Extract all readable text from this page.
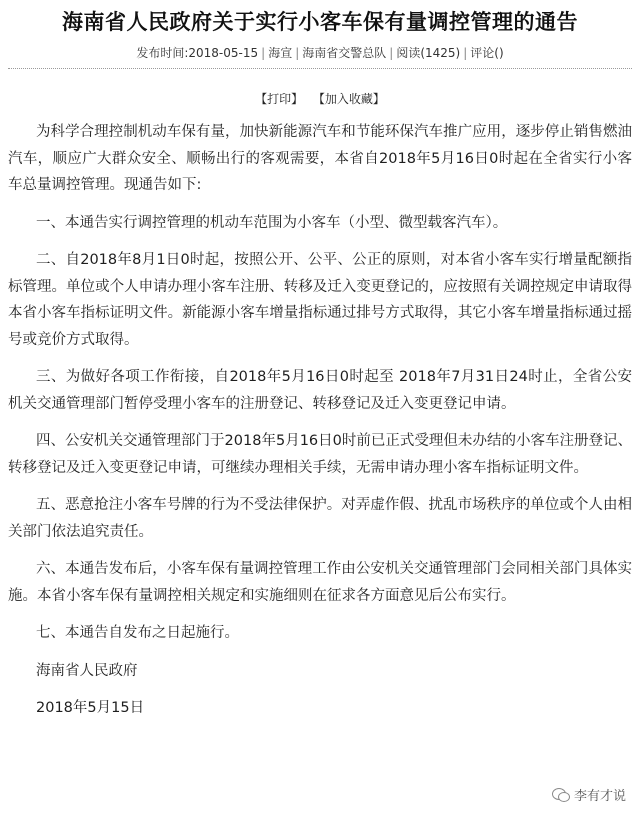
海南省人民政府关于实行小客车保有量调控管理的通告
发布时间:2018-05-15 | 海宣 | 海南省交警总队 | 阅读(1425) | 评论()
【打印】 【加入收藏】

为科学合理控制机动车保有量，加快新能源汽车和节能环保汽车推广应用，逐步停止销售燃油汽车，顺应广大群众安全、顺畅出行的客观需要，本省自2018年5月16日0时起在全省实行小客车总量调控管理。现通告如下:

一、本通告实行调控管理的机动车范围为小客车（小型、微型载客汽车）。

二、自2018年8月1日0时起，按照公开、公平、公正的原则，对本省小客车实行增量配额指标管理。单位或个人申请办理小客车注册、转移及迁入变更登记的，应按照有关调控规定申请取得本省小客车指标证明文件。新能源小客车增量指标通过排号方式取得，其它小客车增量指标通过摇号或竞价方式取得。

三、为做好各项工作衔接，自2018年5月16日0时起至 2018年7月31日24时止，全省公安机关交通管理部门暂停受理小客车的注册登记、转移登记及迁入变更登记申请。

四、公安机关交通管理部门于2018年5月16日0时前已正式受理但未办结的小客车注册登记、转移登记及迁入变更登记申请，可继续办理相关手续，无需申请办理小客车指标证明文件。

五、恶意抢注小客车号牌的行为不受法律保护。对弄虚作假、扰乱市场秩序的单位或个人由相关部门依法追究责任。

六、本通告发布后，小客车保有量调控管理工作由公安机关交通管理部门会同相关部门具体实施。本省小客车保有量调控相关规定和实施细则在征求各方面意见后公布实行。

七、本通告自发布之日起施行。

海南省人民政府

2018年5月15日

李有才说
